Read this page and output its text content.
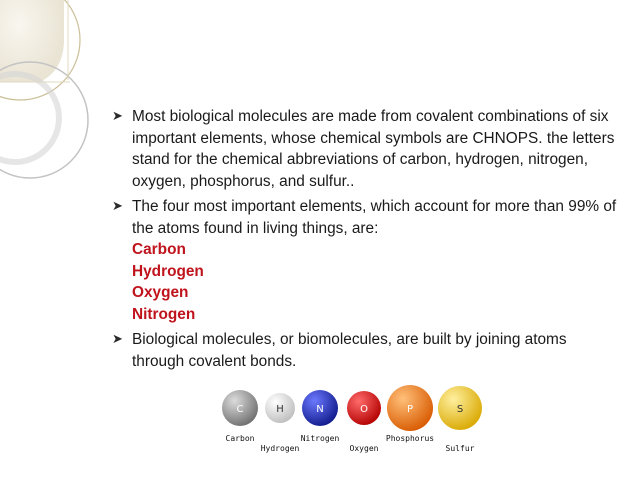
➤ Most biological molecules are made from covalent combinations of six important elements, whose chemical symbols are CHNOPS. the letters stand for the chemical abbreviations of carbon, hydrogen, nitrogen, oxygen, phosphorus, and sulfur..

➤ The four most important elements, which account for more than 99% of the atoms found in living things, are:

Carbon
Hydrogen
Oxygen
Nitrogen
➤ Biological molecules, or biomolecules, are built by joining atoms through covalent bonds.

C	H	N	O	P	S
Carbon
Hydrogen
Nitrogen
Oxygen
Phosphorus
Sulfur
